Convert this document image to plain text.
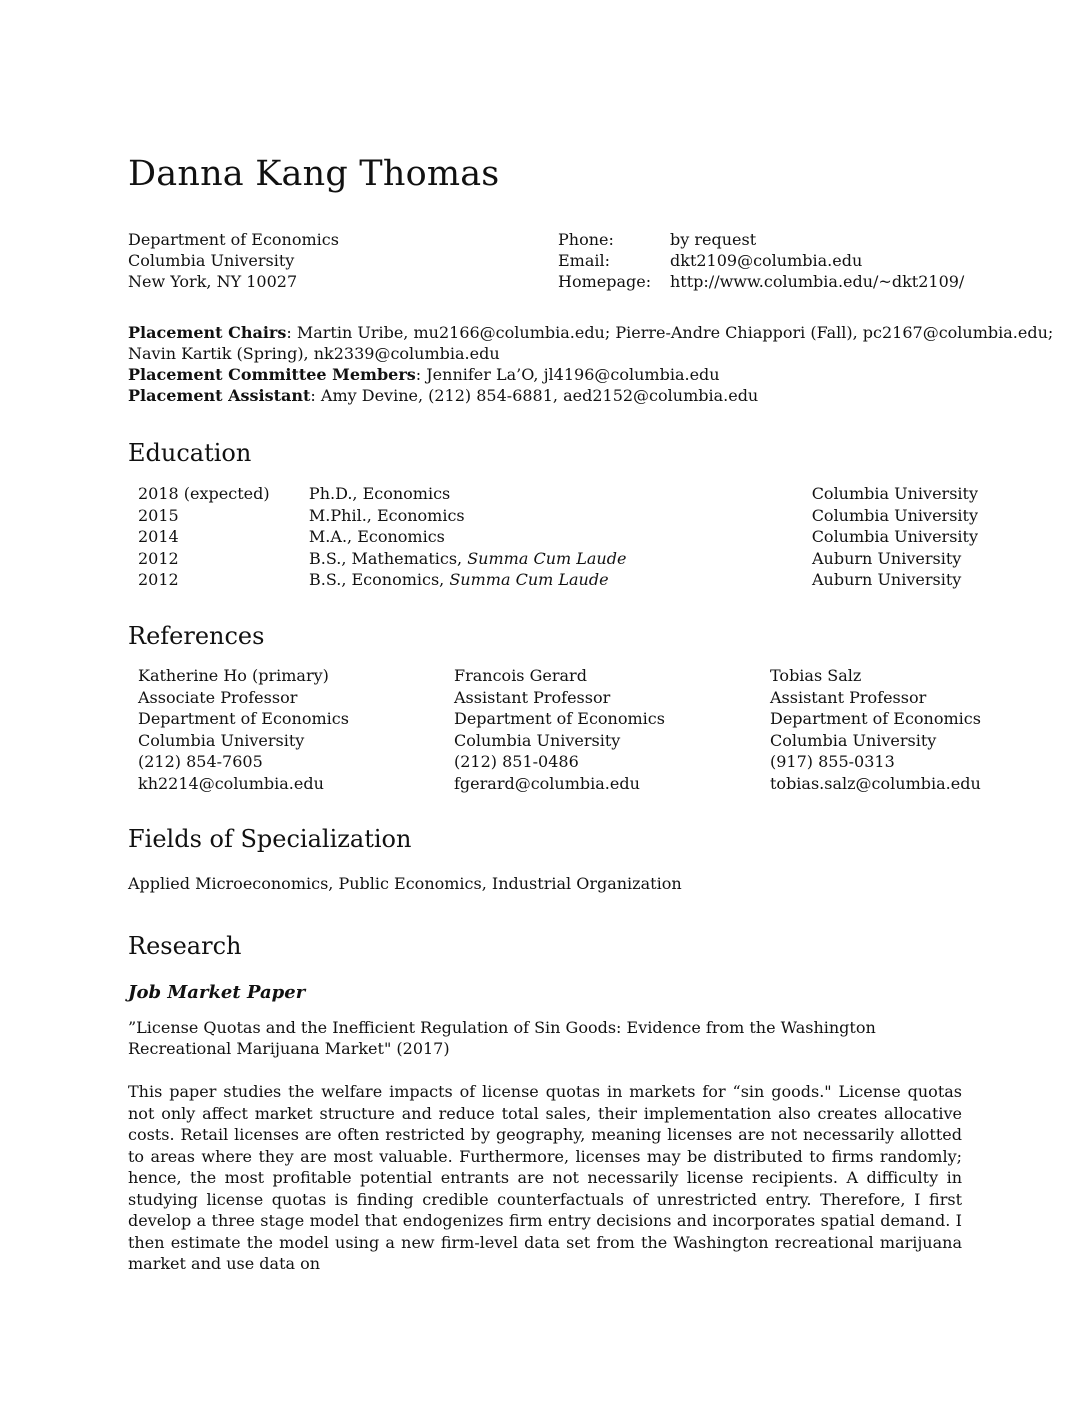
Danna Kang Thomas
Department of Economics
Columbia University
New York, NY 10027
Phone:	by request
Email:	dkt2109@columbia.edu
Homepage:	http://www.columbia.edu/~dkt2109/
Placement Chairs: Martin Uribe, mu2166@columbia.edu; Pierre-Andre Chiappori (Fall), pc2167@columbia.edu;
Navin Kartik (Spring), nk2339@columbia.edu
Placement Committee Members: Jennifer La’O, jl4196@columbia.edu
Placement Assistant: Amy Devine, (212) 854-6881, aed2152@columbia.edu
Education
2018 (expected)	Ph.D., Economics	Columbia University
2015	M.Phil., Economics	Columbia University
2014	M.A., Economics	Columbia University
2012	B.S., Mathematics, Summa Cum Laude	Auburn University
2012	B.S., Economics, Summa Cum Laude	Auburn University
References
Katherine Ho (primary)
Associate Professor
Department of Economics
Columbia University
(212) 854-7605
kh2214@columbia.edu
Francois Gerard
Assistant Professor
Department of Economics
Columbia University
(212) 851-0486
fgerard@columbia.edu
Tobias Salz
Assistant Professor
Department of Economics
Columbia University
(917) 855-0313
tobias.salz@columbia.edu
Fields of Specialization
Applied Microeconomics, Public Economics, Industrial Organization
Research
Job Market Paper
”License Quotas and the Inefficient Regulation of Sin Goods: Evidence from the Washington Recreational Marijuana Market" (2017)
This paper studies the welfare impacts of license quotas in markets for “sin goods." License quotas not only affect market structure and reduce total sales, their implementation also creates allocative costs. Retail licenses are often restricted by geography, meaning licenses are not necessarily allotted to areas where they are most valuable. Furthermore, licenses may be distributed to firms randomly; hence, the most profitable potential entrants are not necessarily license recipients. A difficulty in studying license quotas is finding credible counterfactuals of unrestricted entry. Therefore, I first develop a three stage model that endogenizes firm entry decisions and incorporates spatial demand. I then estimate the model using a new firm-level data set from the Washington recreational marijuana market and use data on
